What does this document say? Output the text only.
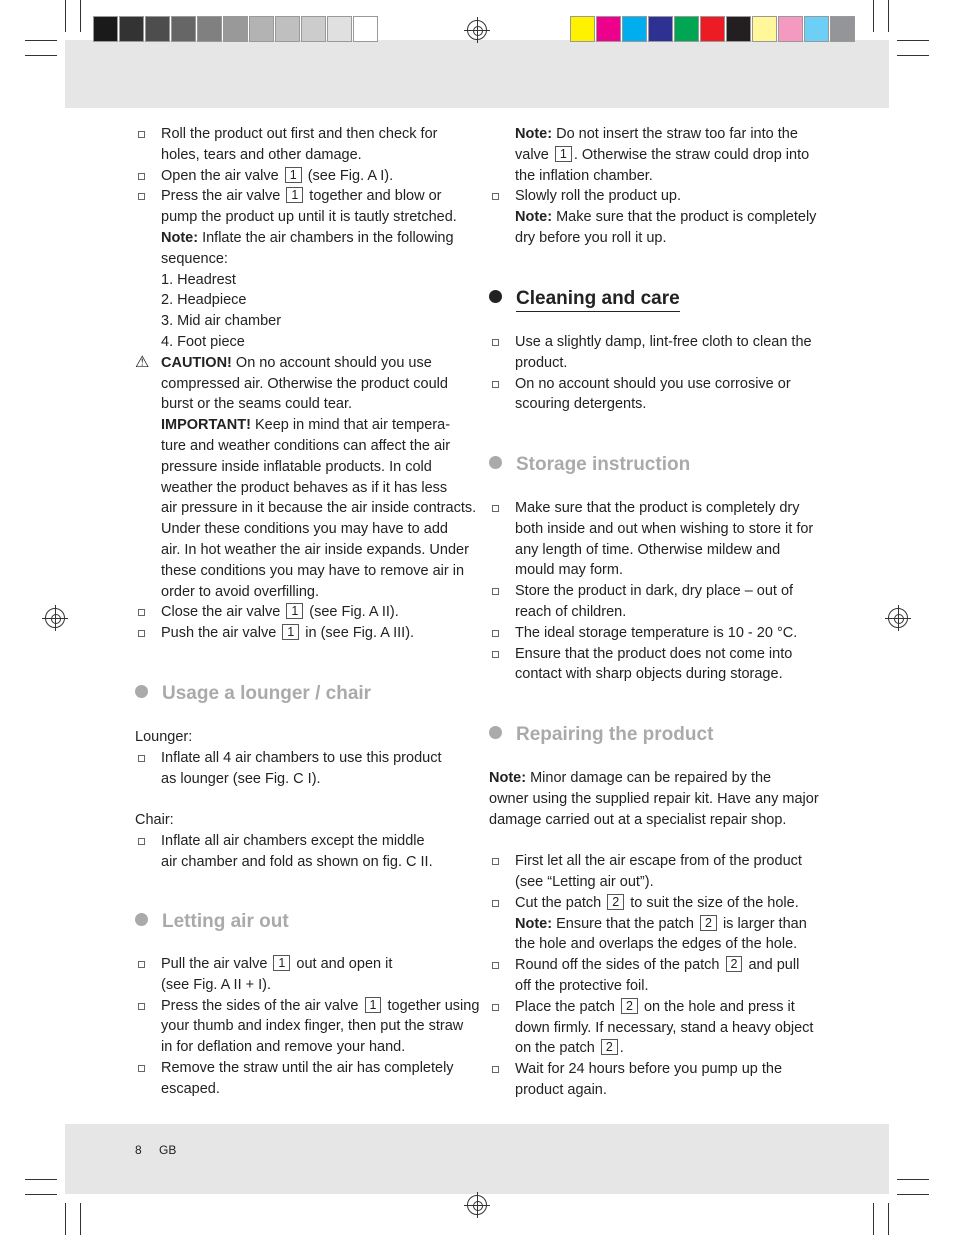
Roll the product out first and then check for
holes, tears and other damage.
Open the air valve 1 (see Fig. A I).
Press the air valve 1 together and blow or
pump the product up until it is tautly stretched.
Note: Inflate the air chambers in the following
sequence:
1. Headrest
2. Headpiece
3. Mid air chamber
4. Foot piece
⚠ CAUTION! On no account should you use
compressed air. Otherwise the product could
burst or the seams could tear.
IMPORTANT! Keep in mind that air tempera-
ture and weather conditions can affect the air
pressure inside inflatable products. In cold
weather the product behaves as if it has less
air pressure in it because the air inside contracts.
Under these conditions you may have to add
air. In hot weather the air inside expands. Under
these conditions you may have to remove air in
order to avoid overfilling.
Close the air valve 1 (see Fig. A II).
Push the air valve 1 in (see Fig. A III).
Usage a lounger / chair
Lounger:
Inflate all 4 air chambers to use this product
as lounger (see Fig. C I).
Chair:
Inflate all air chambers except the middle
air chamber and fold as shown on fig. C II.
Letting air out
Pull the air valve 1 out and open it
(see Fig. A II + I).
Press the sides of the air valve 1 together using
your thumb and index finger, then put the straw
in for deflation and remove your hand.
Remove the straw until the air has completely
escaped.
Note: Do not insert the straw too far into the
valve 1 . Otherwise the straw could drop into
the inflation chamber.
Slowly roll the product up.
Note: Make sure that the product is completely
dry before you roll it up.
Cleaning and care
Use a slightly damp, lint-free cloth to clean the
product.
On no account should you use corrosive or
scouring detergents.
Storage instruction
Make sure that the product is completely dry
both inside and out when wishing to store it for
any length of time. Otherwise mildew and
mould may form.
Store the product in dark, dry place – out of
reach of children.
The ideal storage temperature is 10 - 20 °C.
Ensure that the product does not come into
contact with sharp objects during storage.
Repairing the product
Note: Minor damage can be repaired by the
owner using the supplied repair kit. Have any major
damage carried out at a specialist repair shop.
First let all the air escape from of the product
(see “Letting air out”).
Cut the patch 2 to suit the size of the hole.
Note: Ensure that the patch 2 is larger than
the hole and overlaps the edges of the hole.
Round off the sides of the patch 2 and pull
off the protective foil.
Place the patch 2 on the hole and press it
down firmly. If necessary, stand a heavy object
on the patch 2 .
Wait for 24 hours before you pump up the
product again.
8 GB
